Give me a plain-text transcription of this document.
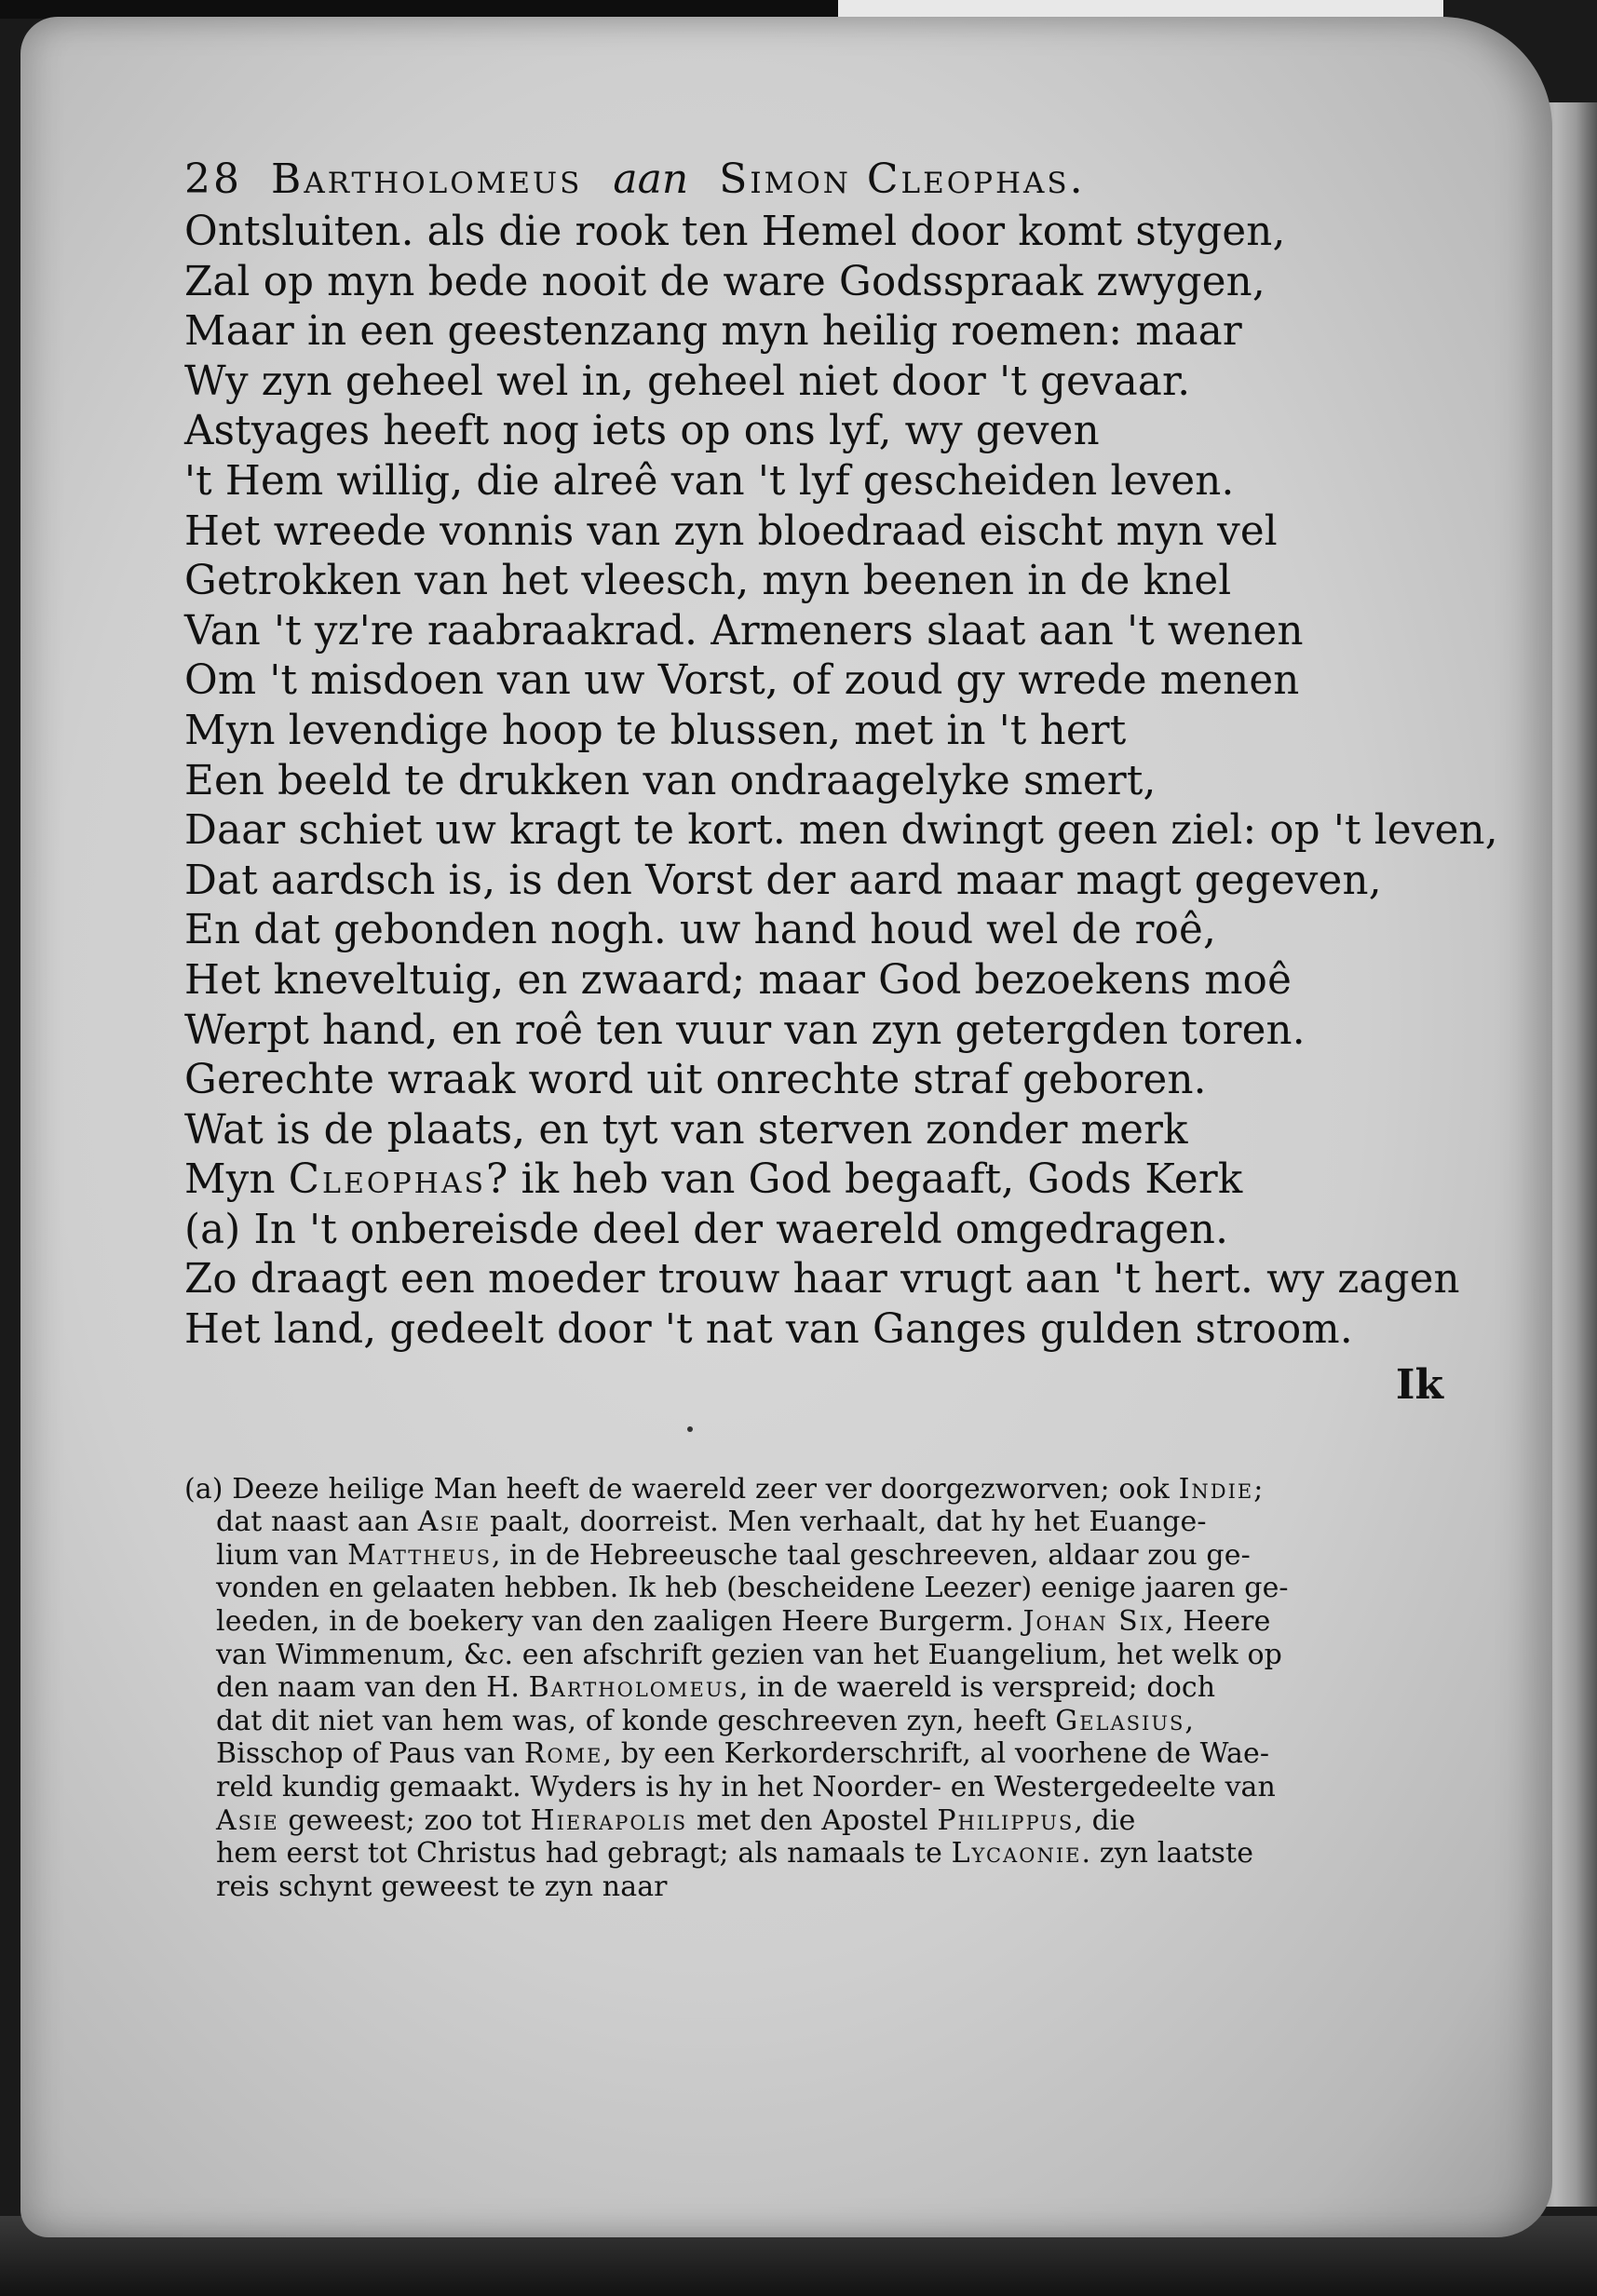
28 Bartholomeus aan Simon Cleophas.
Ontsluiten. als die rook ten Hemel door komt stygen,
Zal op myn bede nooit de ware Godsspraak zwygen,
Maar in een geestenzang myn heilig roemen: maar
Wy zyn geheel wel in, geheel niet door 't gevaar.
Astyages heeft nog iets op ons lyf, wy geven
't Hem willig, die alreê van 't lyf gescheiden leven.
Het wreede vonnis van zyn bloedraad eischt myn vel
Getrokken van het vleesch, myn beenen in de knel
Van 't yz're raabraakrad. Armeners slaat aan 't wenen
Om 't misdoen van uw Vorst, of zoud gy wrede menen
Myn levendige hoop te blussen, met in 't hert
Een beeld te drukken van ondraagelyke smert,
Daar schiet uw kragt te kort. men dwingt geen ziel: op 't leven,
Dat aardsch is, is den Vorst der aard maar magt gegeven,
En dat gebonden nogh. uw hand houd wel de roê,
Het kneveltuig, en zwaard; maar God bezoekens moê
Werpt hand, en roê ten vuur van zyn getergden toren.
Gerechte wraak word uit onrechte straf geboren.
Wat is de plaats, en tyt van sterven zonder merk
Myn Cleophas? ik heb van God begaaft, Gods Kerk
(a) In 't onbereisde deel der waereld omgedragen.
Zo draagt een moeder trouw haar vrugt aan 't hert. wy zagen
Het land, gedeelt door 't nat van Ganges gulden stroom.
Ik
(a) Deeze heilige Man heeft de waereld zeer ver doorgezworven; ook Indie;
dat naast aan Asie paalt, doorreist. Men verhaalt, dat hy het Euange-
lium van Mattheus, in de Hebreeusche taal geschreeven, aldaar zou ge-
vonden en gelaaten hebben. Ik heb (bescheidene Leezer) eenige jaaren ge-
leeden, in de boekery van den zaaligen Heere Burgerm. Johan Six, Heere
van Wimmenum, &c. een afschrift gezien van het Euangelium, het welk op
den naam van den H. Bartholomeus, in de waereld is verspreid; doch
dat dit niet van hem was, of konde geschreeven zyn, heeft Gelasius,
Bisschop of Paus van Rome, by een Kerkorderschrift, al voorhene de Wae-
reld kundig gemaakt. Wyders is hy in het Noorder- en Westergedeelte van
Asie geweest; zoo tot Hierapolis met den Apostel Philippus, die
hem eerst tot Christus had gebragt; als namaals te Lycaonie. zyn laatste
reis schynt geweest te zyn naar
